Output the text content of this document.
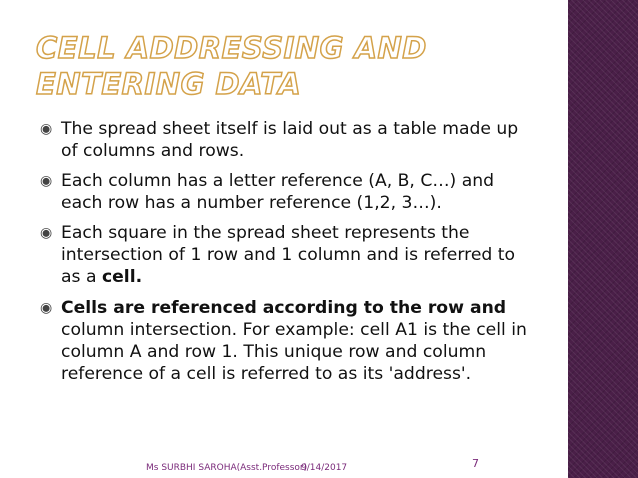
CELL ADDRESSING AND ENTERING DATA
◉ The spread sheet itself is laid out as a table made up of columns and rows.
◉ Each column has a letter reference (A, B, C…) and each row has a number reference (1,2, 3…).
◉ Each square in the spread sheet represents the intersection of 1 row and 1 column and is referred to as a cell.
◉ Cells are referenced according to the row and
column intersection. For example: cell A1 is the cell in column A and row 1. This unique row and column reference of a cell is referred to as its 'address'.
Ms SURBHI SAROHA(Asst.Professor)
9/14/2017	7
